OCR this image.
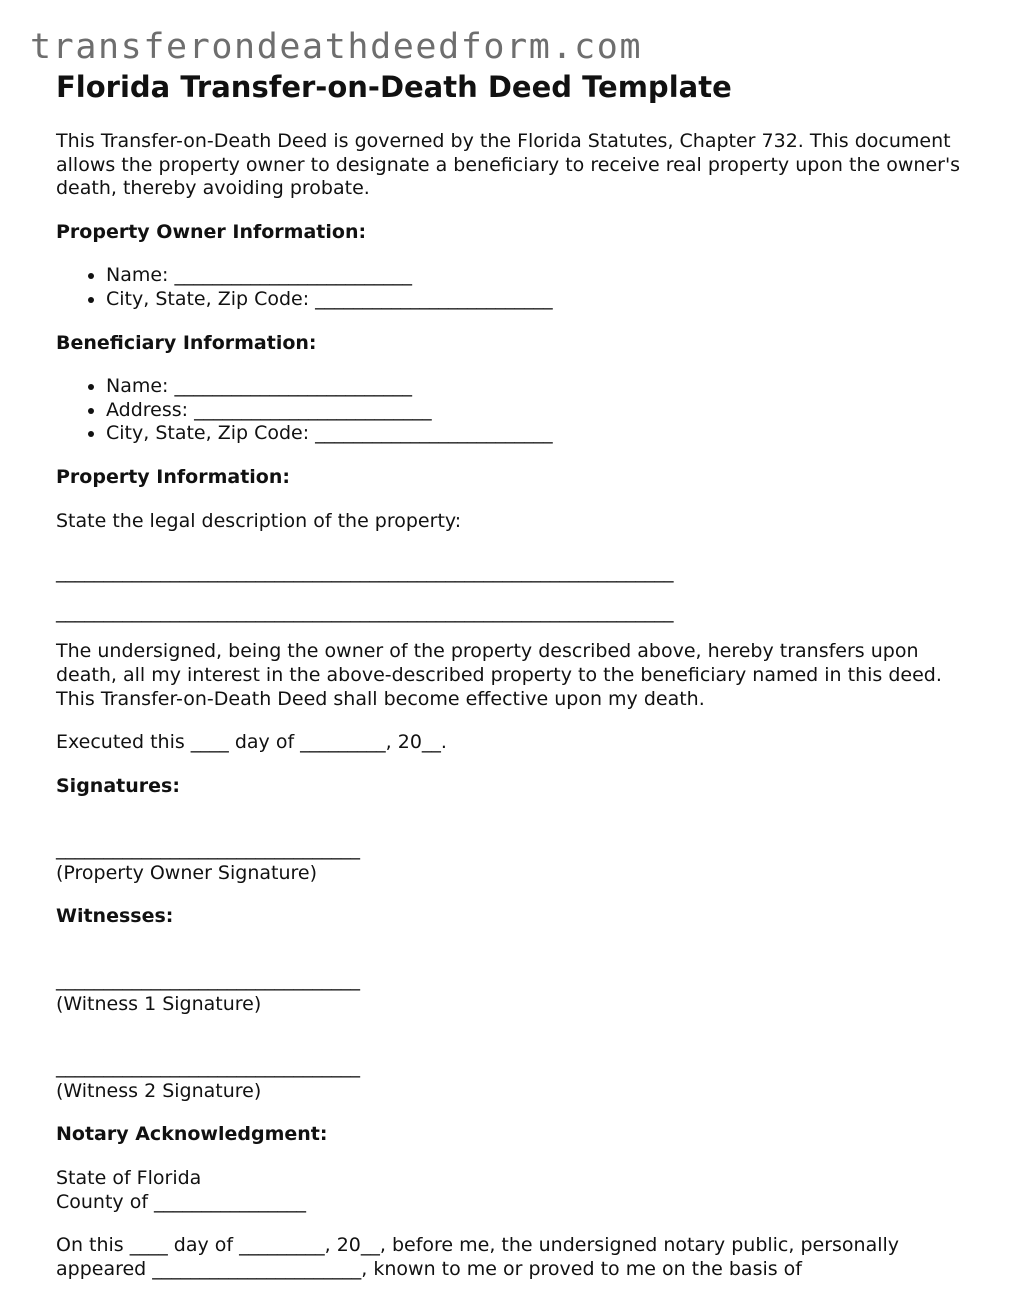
transferondeathdeedform.com
Florida Transfer-on-Death Deed Template

This Transfer-on-Death Deed is governed by the Florida Statutes, Chapter 732. This document allows the property owner to designate a beneficiary to receive real property upon the owner's death, thereby avoiding probate.

Property Owner Information:
• Name: _________________________
• City, State, Zip Code: _________________________
Beneficiary Information:
• Name: _________________________
• Address: _________________________
• City, State, Zip Code: _________________________
Property Information:

State the legal description of the property:

_________________________________________________________________
_________________________________________________________________

The undersigned, being the owner of the property described above, hereby transfers upon death, all my interest in the above-described property to the beneficiary named in this deed. This Transfer-on-Death Deed shall become effective upon my death.

Executed this ____ day of _________, 20__.

Signatures:
________________________________
(Property Owner Signature)
Witnesses:
________________________________
(Witness 1 Signature)
________________________________
(Witness 2 Signature)
Notary Acknowledgment:

State of Florida
County of ________________

On this ____ day of _________, 20__, before me, the undersigned notary public, personally appeared ______________________, known to me or proved to me on the basis of
